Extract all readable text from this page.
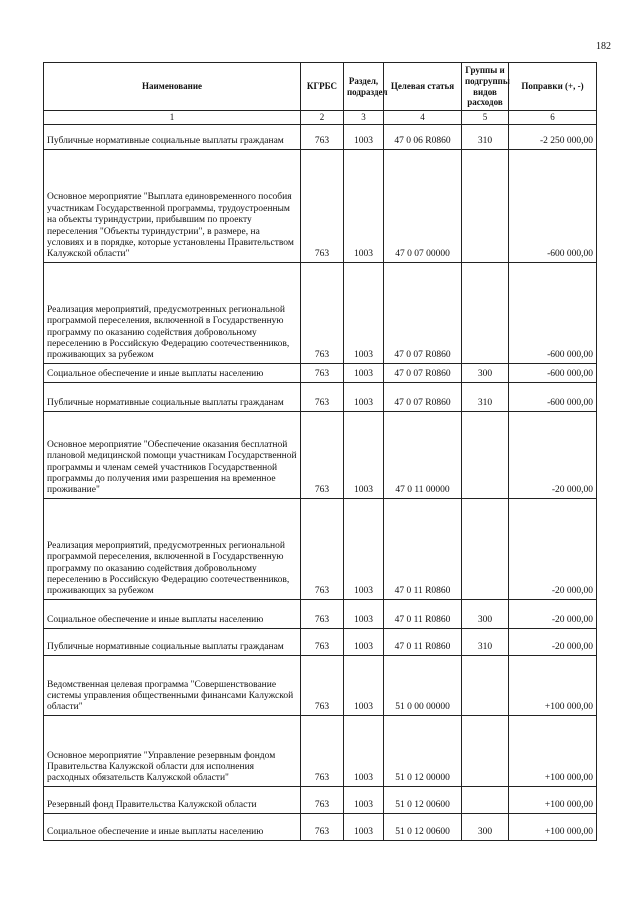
182
Наименование	КГРБС	Раздел, подраздел	Целевая статья	Группы и подгруппы видов расходов	Поправки (+, -)
1	2	3	4	5	6
Публичные нормативные социальные выплаты гражданам	763	1003	47 0 06 R0860	310	-2 250 000,00
Основное мероприятие "Выплата единовременного пособия участникам Государственной программы, трудоустроенным на объекты туриндустрии, прибывшим по проекту переселения "Объекты туриндустрии", в размере, на условиях и в порядке, которые установлены Правительством Калужской области"	763	1003	47 0 07 00000		-600 000,00
Реализация мероприятий, предусмотренных региональной программой переселения, включенной в Государственную программу по оказанию содействия добровольному переселению в Российскую Федерацию соотечественников, проживающих за рубежом	763	1003	47 0 07 R0860		-600 000,00
Социальное обеспечение и иные выплаты населению	763	1003	47 0 07 R0860	300	-600 000,00
Публичные нормативные социальные выплаты гражданам	763	1003	47 0 07 R0860	310	-600 000,00
Основное мероприятие "Обеспечение оказания бесплатной плановой медицинской помощи участникам Государственной программы и членам семей участников Государственной программы до получения ими разрешения на временное проживание"	763	1003	47 0 11 00000		-20 000,00
Реализация мероприятий, предусмотренных региональной программой переселения, включенной в Государственную программу по оказанию содействия добровольному переселению в Российскую Федерацию соотечественников, проживающих за рубежом	763	1003	47 0 11 R0860		-20 000,00
Социальное обеспечение и иные выплаты населению	763	1003	47 0 11 R0860	300	-20 000,00
Публичные нормативные социальные выплаты гражданам	763	1003	47 0 11 R0860	310	-20 000,00
Ведомственная целевая программа "Совершенствование системы управления общественными финансами Калужской области"	763	1003	51 0 00 00000		+100 000,00
Основное мероприятие "Управление резервным фондом Правительства Калужской области для исполнения расходных обязательств Калужской области"	763	1003	51 0 12 00000		+100 000,00
Резервный фонд Правительства Калужской области	763	1003	51 0 12 00600		+100 000,00
Социальное обеспечение и иные выплаты населению	763	1003	51 0 12 00600	300	+100 000,00
